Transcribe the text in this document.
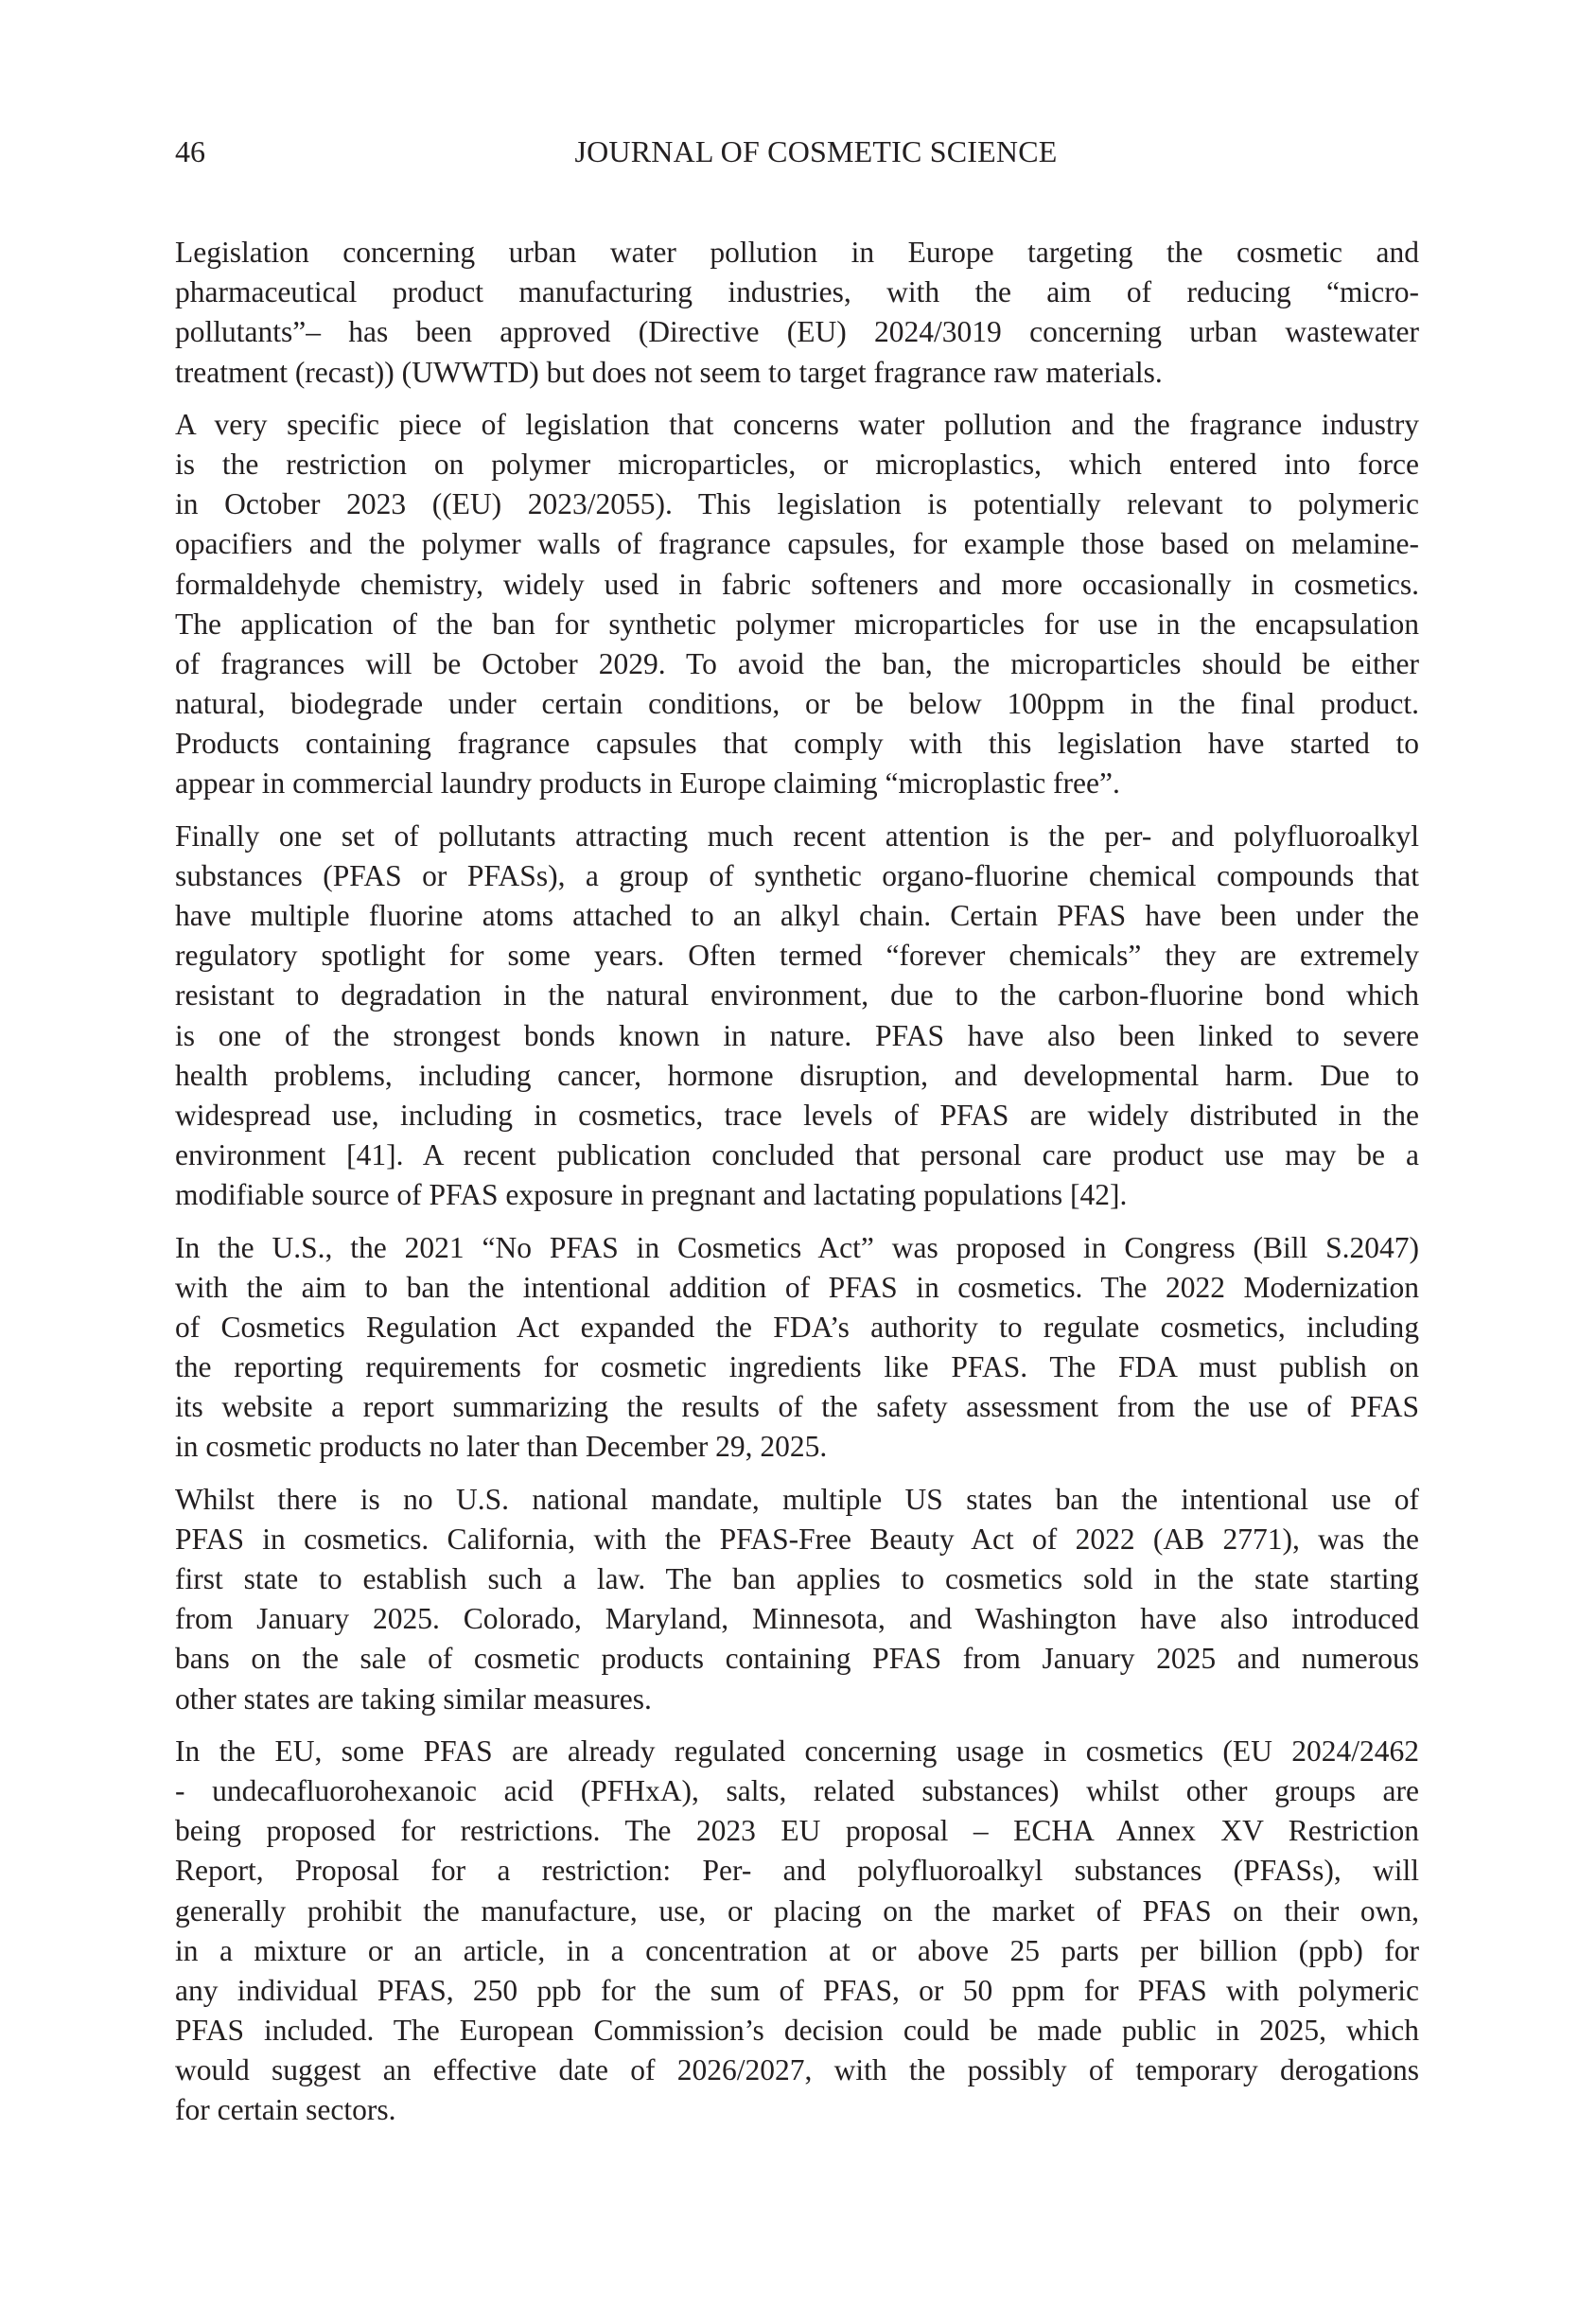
46	JOURNAL OF COSMETIC SCIENCE

Legislation concerning urban water pollution in Europe targeting the cosmetic and
pharmaceutical product manufacturing industries, with the aim of reducing “micro-
pollutants”– has been approved (Directive (EU) 2024/3019 concerning urban wastewater
treatment (recast)) (UWWTD) but does not seem to target fragrance raw materials.

A very specific piece of legislation that concerns water pollution and the fragrance industry
is the restriction on polymer microparticles, or microplastics, which entered into force
in October 2023 ((EU) 2023/2055). This legislation is potentially relevant to polymeric
opacifiers and the polymer walls of fragrance capsules, for example those based on melamine-
formaldehyde chemistry, widely used in fabric softeners and more occasionally in cosmetics.
The application of the ban for synthetic polymer microparticles for use in the encapsulation
of fragrances will be October 2029. To avoid the ban, the microparticles should be either
natural, biodegrade under certain conditions, or be below 100ppm in the final product.
Products containing fragrance capsules that comply with this legislation have started to
appear in commercial laundry products in Europe claiming “microplastic free”.

Finally one set of pollutants attracting much recent attention is the per- and polyfluoroalkyl
substances (PFAS or PFASs), a group of synthetic organo-fluorine chemical compounds that
have multiple fluorine atoms attached to an alkyl chain. Certain PFAS have been under the
regulatory spotlight for some years. Often termed “forever chemicals” they are extremely
resistant to degradation in the natural environment, due to the carbon-fluorine bond which
is one of the strongest bonds known in nature. PFAS have also been linked to severe
health problems, including cancer, hormone disruption, and developmental harm. Due to
widespread use, including in cosmetics, trace levels of PFAS are widely distributed in the
environment [41]. A recent publication concluded that personal care product use may be a
modifiable source of PFAS exposure in pregnant and lactating populations [42].

In the U.S., the 2021 “No PFAS in Cosmetics Act” was proposed in Congress (Bill S.2047)
with the aim to ban the intentional addition of PFAS in cosmetics. The 2022 Modernization
of Cosmetics Regulation Act expanded the FDA’s authority to regulate cosmetics, including
the reporting requirements for cosmetic ingredients like PFAS. The FDA must publish on
its website a report summarizing the results of the safety assessment from the use of PFAS
in cosmetic products no later than December 29, 2025.

Whilst there is no U.S. national mandate, multiple US states ban the intentional use of
PFAS in cosmetics. California, with the PFAS-Free Beauty Act of 2022 (AB 2771), was the
first state to establish such a law. The ban applies to cosmetics sold in the state starting
from January 2025. Colorado, Maryland, Minnesota, and Washington have also introduced
bans on the sale of cosmetic products containing PFAS from January 2025 and numerous
other states are taking similar measures.

In the EU, some PFAS are already regulated concerning usage in cosmetics (EU 2024/2462
- undecafluorohexanoic acid (PFHxA), salts, related substances) whilst other groups are
being proposed for restrictions. The 2023 EU proposal – ECHA Annex XV Restriction
Report, Proposal for a restriction: Per- and polyfluoroalkyl substances (PFASs), will
generally prohibit the manufacture, use, or placing on the market of PFAS on their own,
in a mixture or an article, in a concentration at or above 25 parts per billion (ppb) for
any individual PFAS, 250 ppb for the sum of PFAS, or 50 ppm for PFAS with polymeric
PFAS included. The European Commission’s decision could be made public in 2025, which
would suggest an effective date of 2026/2027, with the possibly of temporary derogations
for certain sectors.
